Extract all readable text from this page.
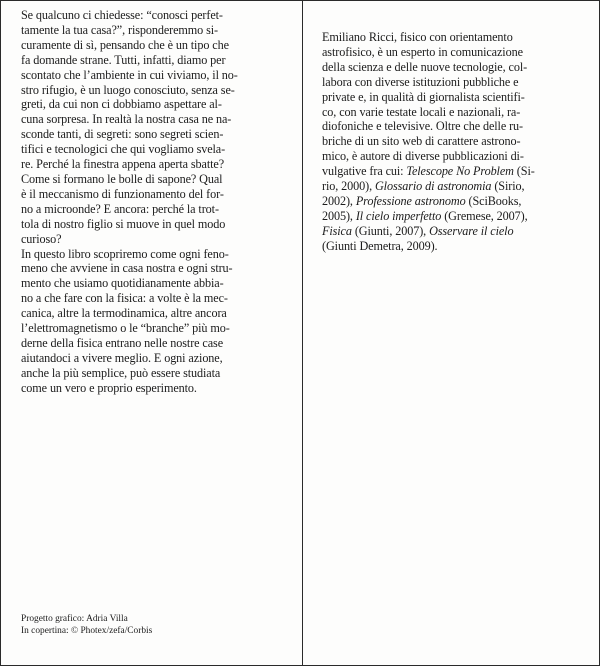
Se qualcuno ci chiedesse: “conosci perfet-
tamente la tua casa?”, risponderemmo si-
curamente di sì, pensando che è un tipo che
fa domande strane. Tutti, infatti, diamo per
scontato che l’ambiente in cui viviamo, il no-
stro rifugio, è un luogo conosciuto, senza se-
greti, da cui non ci dobbiamo aspettare al-
cuna sorpresa. In realtà la nostra casa ne na-
sconde tanti, di segreti: sono segreti scien-
tifici e tecnologici che qui vogliamo svela-
re. Perché la finestra appena aperta sbatte?
Come si formano le bolle di sapone? Qual
è il meccanismo di funzionamento del for-
no a microonde? E ancora: perché la trot-
tola di nostro figlio si muove in quel modo
curioso?

In questo libro scopriremo come ogni feno-
meno che avviene in casa nostra e ogni stru-
mento che usiamo quotidianamente abbia-
no a che fare con la fisica: a volte è la mec-
canica, altre la termodinamica, altre ancora
l’elettromagnetismo o le “branche” più mo-
derne della fisica entrano nelle nostre case
aiutandoci a vivere meglio. E ogni azione,
anche la più semplice, può essere studiata
come un vero e proprio esperimento.

Emiliano Ricci, fisico con orientamento
astrofisico, è un esperto in comunicazione
della scienza e delle nuove tecnologie, col-
labora con diverse istituzioni pubbliche e
private e, in qualità di giornalista scientifi-
co, con varie testate locali e nazionali, ra-
diofoniche e televisive. Oltre che delle ru-
briche di un sito web di carattere astrono-
mico, è autore di diverse pubblicazioni di-
vulgative fra cui: Telescope No Problem (Si-
rio, 2000), Glossario di astronomia (Sirio,
2002), Professione astronomo (SciBooks,
2005), Il cielo imperfetto (Gremese, 2007),
Fisica (Giunti, 2007), Osservare il cielo
(Giunti Demetra, 2009).
Progetto grafico: Adria Villa
In copertina: © Photex/zefa/Corbis
